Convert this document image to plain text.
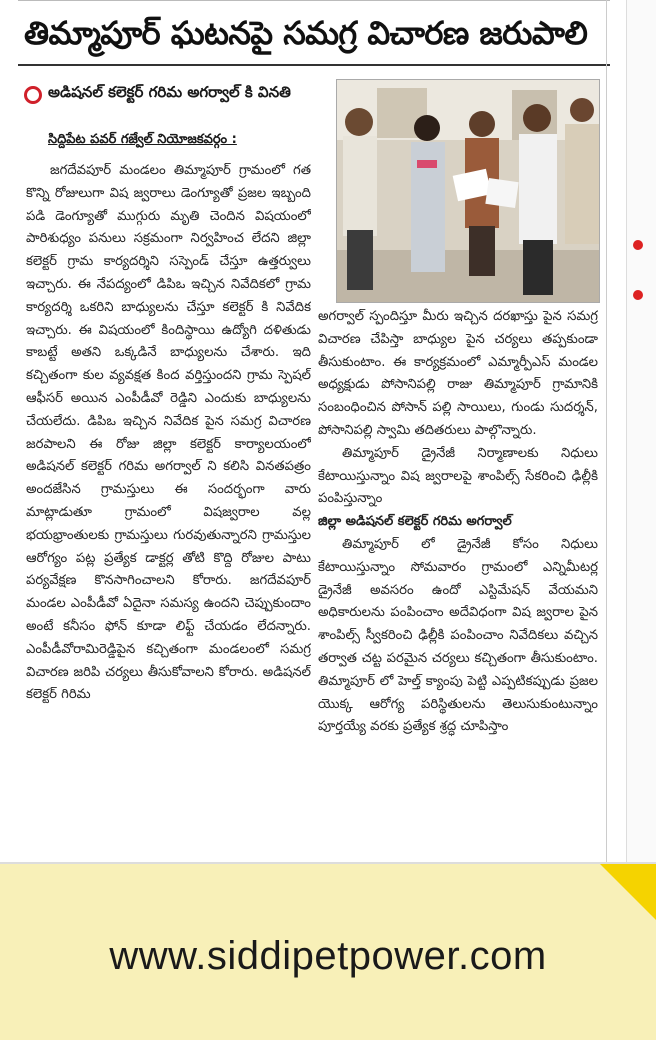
తిమ్మాపూర్ ఘటనపై సమగ్ర విచారణ జరుపాలి
అడిషనల్ కలెక్టర్ గరిమ అగర్వాల్ కి వినతి
సిద్దిపేట పవర్ గజ్వేల్ నియోజకవర్గం :

జగదేవపూర్ మండలం తిమ్మాపూర్ గ్రామంలో గత కొన్ని రోజులుగా విష జ్వరాలు డెంగ్యూతో ప్రజల ఇబ్బంది పడి డెంగ్యూతో ముగ్గురు మృతి చెందిన విషయంలో పారిశుధ్యం పనులు సక్రమంగా నిర్వహించ లేదని జిల్లా కలెక్టర్ గ్రామ కార్యదర్శిని సస్పెండ్ చేస్తూ ఉత్తర్వులు ఇచ్చారు. ఈ నేపద్యంలో డిపిఒ ఇచ్చిన నివేదికలో గ్రామ కార్యదర్శి ఒకరిని బాధ్యులను చేస్తూ కలెక్టర్ కి నివేదిక ఇచ్చారు. ఈ విషయంలో కిందిస్థాయి ఉద్యోగి దళితుడు కాబట్టే అతని ఒక్కడినే బాధ్యులను చేశారు. ఇది కచ్చితంగా కుల వ్యవక్షత కింద వర్తిస్తుందని గ్రామ స్పెషల్ ఆఫీసర్ అయిన ఎంపీడీవో రెడ్డిని ఎందుకు బాధ్యులను చేయలేదు. డిపిఒ ఇచ్చిన నివేదిక పైన సమగ్ర విచారణ జరపాలని ఈ రోజు జిల్లా కలెక్టర్ కార్యాలయంలో అడిషనల్ కలెక్టర్ గరిమ అగర్వాల్ ని కలిసి వినతపత్రం అందజేసిన గ్రామస్తులు ఈ సందర్భంగా వారు మాట్లాడుతూ గ్రామంలో విషజ్వరాల వల్ల భయభ్రాంతులకు గ్రామస్తులు గురవుతున్నారని గ్రామస్తుల ఆరోగ్యం పట్ల ప్రత్యేక డాక్టర్ల తోటి కొద్ది రోజుల పాటు పర్యవేక్షణ కొనసాగించాలని కోరారు. జగదేవపూర్ మండల ఎంపీడీవో ఏదైనా సమస్య ఉందని చెప్పుకుందాం అంటే కనీసం ఫోన్ కూడా లిఫ్ట్ చేయడం లేదన్నారు. ఎంపీడీవోరామిరెడ్డిపైన కచ్చితంగా మండలంలో సమగ్ర విచారణ జరిపి చర్యలు తీసుకోవాలని కోరారు. అడిషనల్ కలెక్టర్ గిరిమ

అగర్వాల్ స్పందిస్తూ మీరు ఇచ్చిన దరఖాస్తు పైన సమగ్ర విచారణ చేపిస్తా బాధ్యుల పైన చర్యలు తప్పకుండా తీసుకుంటాం. ఈ కార్యక్రమంలో ఎమ్మార్పీఎస్ మండల అధ్యక్షుడు పోసానిపల్లి రాజు తిమ్మాపూర్ గ్రామానికి సంబంధించిన పోసాన్ పల్లి సాయిలు, గుండు సుదర్శన్, పోసానిపల్లి స్వామి తదితరులు పాల్గొన్నారు.

తిమ్మాపూర్ డ్రైనేజీ నిర్మాణాలకు నిధులు కేటాయిస్తున్నాం విష జ్వరాలపై శాంపిల్స్ సేకరించి ఢిల్లీకి పంపిస్తున్నాం

జిల్లా అడిషనల్ కలెక్టర్ గరిమ అగర్వాల్

తిమ్మాపూర్ లో డ్రైనేజీ కోసం నిధులు కేటాయిస్తున్నాం సోమవారం గ్రామంలో ఎన్నిమీటర్ల డ్రైనేజీ అవసరం ఉందో ఎస్టిమేషన్ వేయమని అధికారులను పంపించాం అదేవిధంగా విష జ్వరాల పైన శాంపిల్స్ స్వీకరించి ఢిల్లీకి పంపించాం నివేదికలు వచ్చిన తర్వాత చట్ట పరమైన చర్యలు కచ్చితంగా తీసుకుంటాం. తిమ్మాపూర్ లో హెల్త్ క్యాంపు పెట్టి ఎప్పటికప్పుడు ప్రజల యొక్క ఆరోగ్య పరిస్థితులను తెలుసుకుంటున్నాం పూర్తయ్యే వరకు ప్రత్యేక శ్రద్ధ చూపిస్తాం

www.siddipetpower.com
